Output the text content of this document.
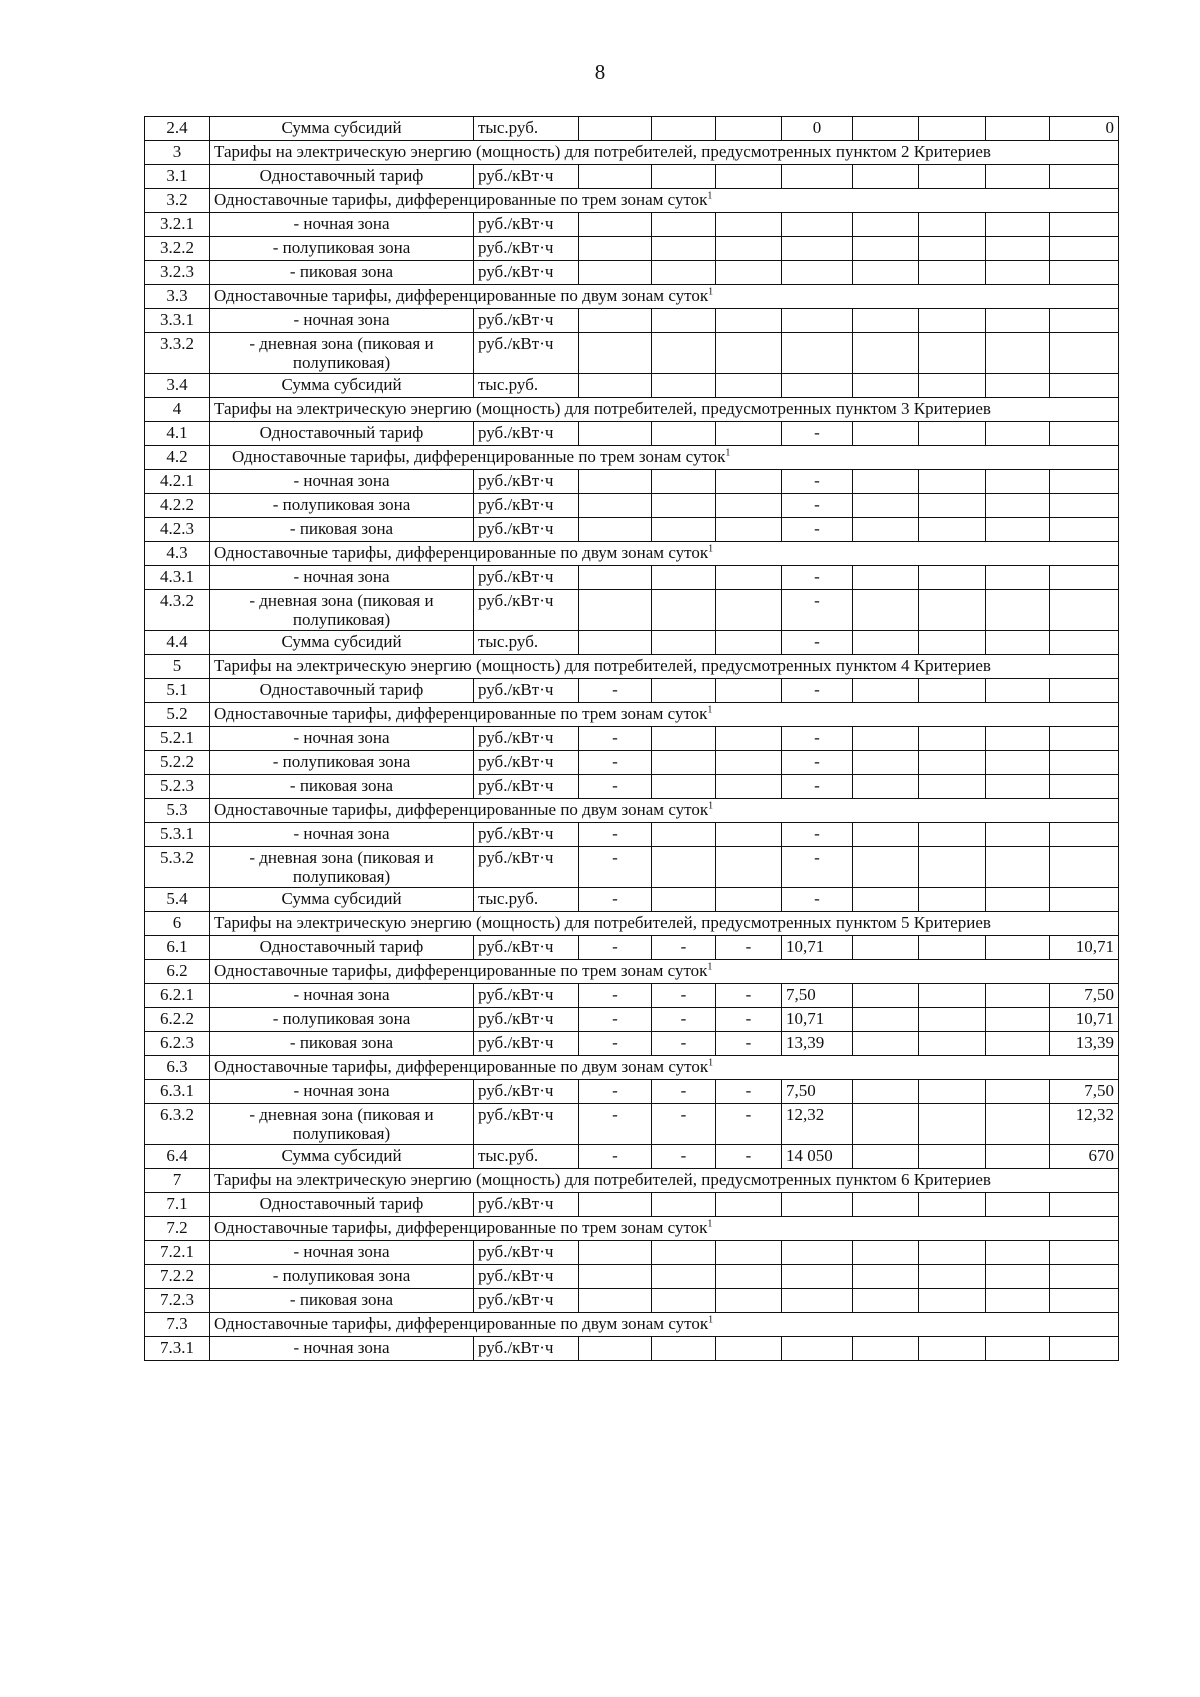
8
2.4	Сумма субсидий	тыс.руб.				0				0
3	Тарифы на электрическую энергию (мощность) для потребителей, предусмотренных пунктом 2 Критериев									
3.1	Одноставочный тариф	руб./кВт·ч								
3.2	Одноставочные тарифы, дифференцированные по трем зонам суток$^1$
3.2.1	- ночная зона	руб./кВт·ч								
3.2.2	- полупиковая зона	руб./кВт·ч								
3.2.3	- пиковая зона	руб./кВт·ч								
3.3	Одноставочные тарифы, дифференцированные по двум зонам суток$^1$
3.3.1	- ночная зона	руб./кВт·ч								
3.3.2	- дневная зона (пиковая и полупиковая)	руб./кВт·ч								
3.4	Сумма субсидий	тыс.руб.								
4	Тарифы на электрическую энергию (мощность) для потребителей, предусмотренных пунктом 3 Критериев									
4.1	Одноставочный тариф	руб./кВт·ч				-				
4.2	Одноставочные тарифы, дифференцированные по трем зонам суток$^1$
4.2.1	- ночная зона	руб./кВт·ч				-				
4.2.2	- полупиковая зона	руб./кВт·ч				-				
4.2.3	- пиковая зона	руб./кВт·ч				-				
4.3	Одноставочные тарифы, дифференцированные по двум зонам суток$^1$
4.3.1	- ночная зона	руб./кВт·ч				-				
4.3.2	- дневная зона (пиковая и полупиковая)	руб./кВт·ч				-				
4.4	Сумма субсидий	тыс.руб.				-				
5	Тарифы на электрическую энергию (мощность) для потребителей, предусмотренных пунктом 4 Критериев									
5.1	Одноставочный тариф	руб./кВт·ч	-			-				
5.2	Одноставочные тарифы, дифференцированные по трем зонам суток$^1$
5.2.1	- ночная зона	руб./кВт·ч	-			-				
5.2.2	- полупиковая зона	руб./кВт·ч	-			-				
5.2.3	- пиковая зона	руб./кВт·ч	-			-				
5.3	Одноставочные тарифы, дифференцированные по двум зонам суток$^1$
5.3.1	- ночная зона	руб./кВт·ч	-			-				
5.3.2	- дневная зона (пиковая и полупиковая)	руб./кВт·ч	-			-				
5.4	Сумма субсидий	тыс.руб.	-			-				
6	Тарифы на электрическую энергию (мощность) для потребителей, предусмотренных пунктом 5 Критериев									
6.1	Одноставочный тариф	руб./кВт·ч	-	-	-	10,71				10,71
6.2	Одноставочные тарифы, дифференцированные по трем зонам суток$^1$
6.2.1	- ночная зона	руб./кВт·ч	-	-	-	7,50				7,50
6.2.2	- полупиковая зона	руб./кВт·ч	-	-	-	10,71				10,71
6.2.3	- пиковая зона	руб./кВт·ч	-	-	-	13,39				13,39
6.3	Одноставочные тарифы, дифференцированные по двум зонам суток$^1$
6.3.1	- ночная зона	руб./кВт·ч	-	-	-	7,50				7,50
6.3.2	- дневная зона (пиковая и полупиковая)	руб./кВт·ч	-	-	-	12,32				12,32
6.4	Сумма субсидий	тыс.руб.	-	-	-	14 050				670
7	Тарифы на электрическую энергию (мощность) для потребителей, предусмотренных пунктом 6 Критериев									
7.1	Одноставочный тариф	руб./кВт·ч								
7.2	Одноставочные тарифы, дифференцированные по трем зонам суток$^1$
7.2.1	- ночная зона	руб./кВт·ч								
7.2.2	- полупиковая зона	руб./кВт·ч								
7.2.3	- пиковая зона	руб./кВт·ч								
7.3	Одноставочные тарифы, дифференцированные по двум зонам суток$^1$
7.3.1	- ночная зона	руб./кВт·ч								
